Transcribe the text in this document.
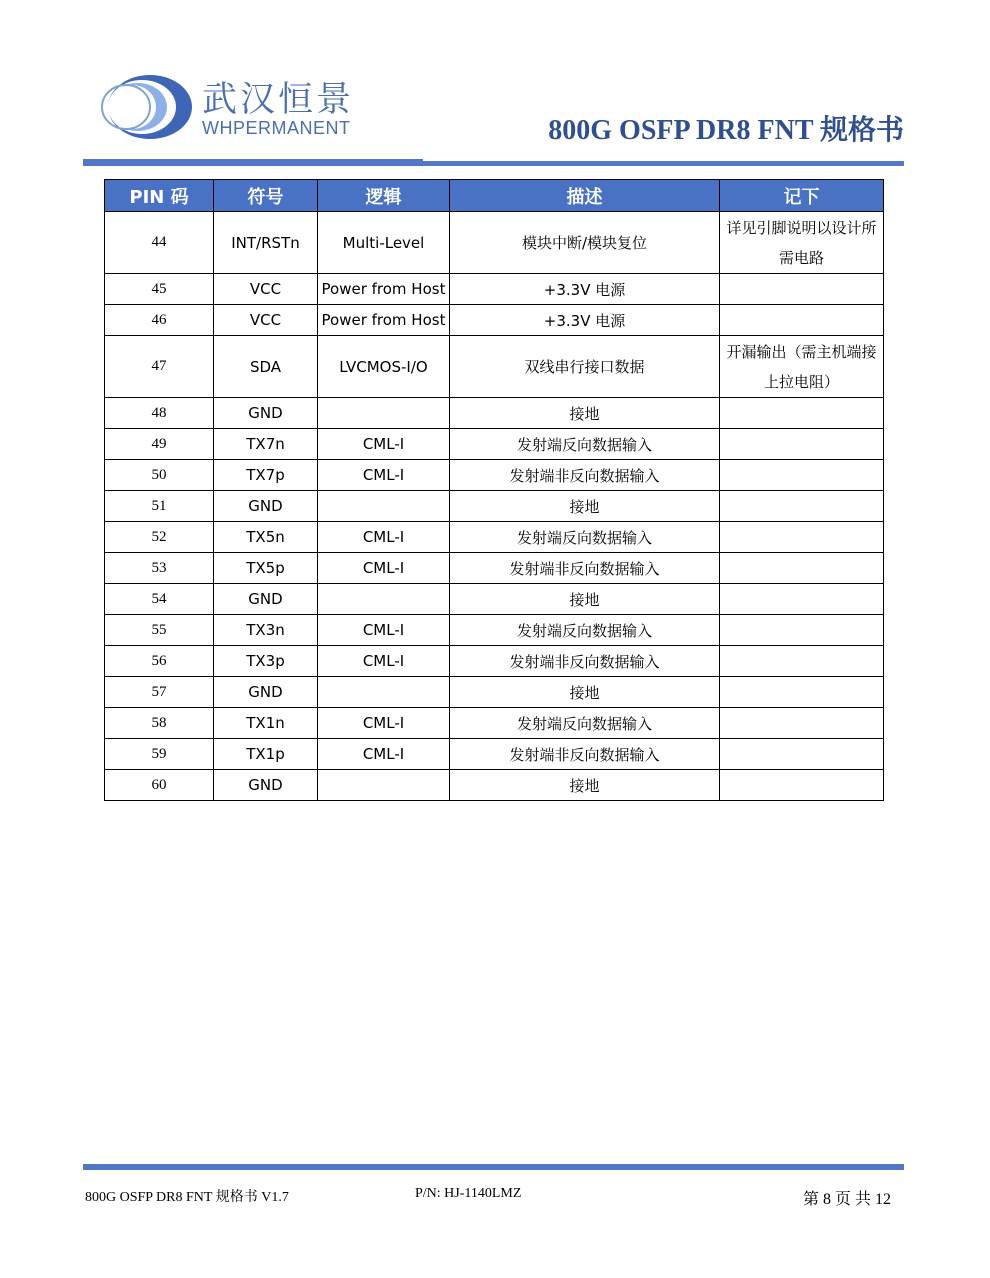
武汉恒景
WHPERMANENT	800G OSFP DR8 FNT 规格书
PIN 码	符号	逻辑	描述	记下
44	INT/RSTn	Multi-Level	模块中断/模块复位	详见引脚说明以设计所需电路
45	VCC	Power from Host	+3.3V 电源	
46	VCC	Power from Host	+3.3V 电源	
47	SDA	LVCMOS-I/O	双线串行接口数据	开漏输出（需主机端接上拉电阻）
48	GND		接地	
49	TX7n	CML-I	发射端反向数据输入	
50	TX7p	CML-I	发射端非反向数据输入	
51	GND		接地	
52	TX5n	CML-I	发射端反向数据输入	
53	TX5p	CML-I	发射端非反向数据输入	
54	GND		接地	
55	TX3n	CML-I	发射端反向数据输入	
56	TX3p	CML-I	发射端非反向数据输入	
57	GND		接地	
58	TX1n	CML-I	发射端反向数据输入	
59	TX1p	CML-I	发射端非反向数据输入	
60	GND		接地	
800G OSFP DR8 FNT 规格书 V1.7	P/N: HJ-1140LMZ	第 8 页 共 12
